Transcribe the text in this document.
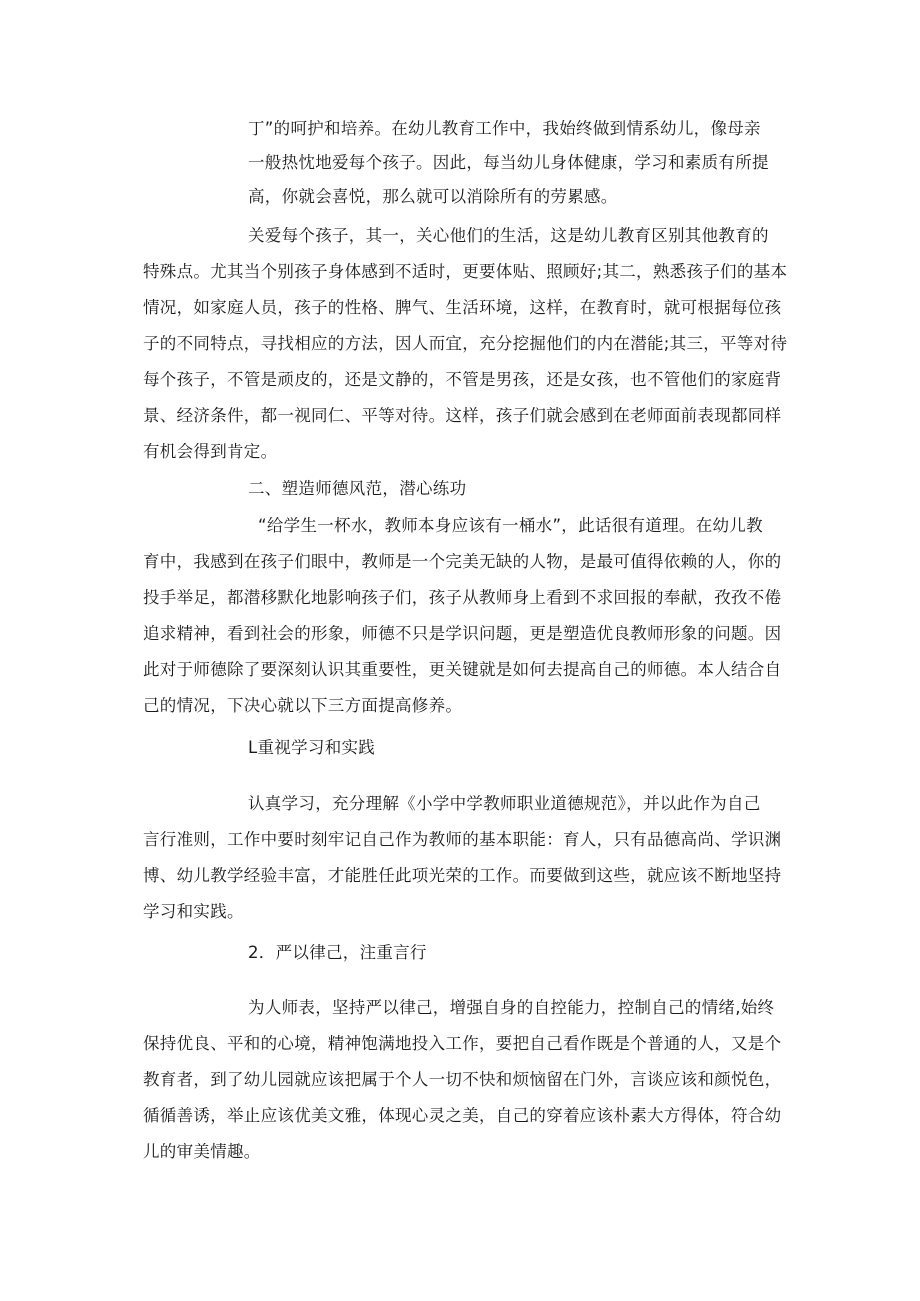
丁”的呵护和培养。在幼儿教育工作中，我始终做到情系幼儿，像母亲
一般热忱地爱每个孩子。因此，每当幼儿身体健康，学习和素质有所提
高，你就会喜悦，那么就可以消除所有的劳累感。
关爱每个孩子，其一，关心他们的生活，这是幼儿教育区别其他教育的
特殊点。尤其当个别孩子身体感到不适时，更要体贴、照顾好;其二，熟悉孩子们的基本
情况，如家庭人员，孩子的性格、脾气、生活环境，这样，在教育时，就可根据每位孩
子的不同特点，寻找相应的方法，因人而宜，充分挖掘他们的内在潜能;其三，平等对待
每个孩子，不管是顽皮的，还是文静的，不管是男孩，还是女孩，也不管他们的家庭背
景、经济条件，都一视同仁、平等对待。这样，孩子们就会感到在老师面前表现都同样
有机会得到肯定。
二、塑造师德风范，潜心练功
“给学生一杯水，教师本身应该有一桶水”，此话很有道理。在幼儿教
育中，我感到在孩子们眼中，教师是一个完美无缺的人物，是最可值得依赖的人，你的
投手举足，都潜移默化地影响孩子们，孩子从教师身上看到不求回报的奉献，孜孜不倦
追求精神，看到社会的形象，师德不只是学识问题，更是塑造优良教师形象的问题。因
此对于师德除了要深刻认识其重要性，更关键就是如何去提高自己的师德。本人结合自
己的情况，下决心就以下三方面提高修养。
L重视学习和实践
认真学习，充分理解《小学中学教师职业道德规范》，并以此作为自己
言行准则，工作中要时刻牢记自己作为教师的基本职能：育人，只有品德高尚、学识渊
博、幼儿教学经验丰富，才能胜任此项光荣的工作。而要做到这些，就应该不断地坚持
学习和实践。
2．严以律己，注重言行
为人师表，坚持严以律己，增强自身的自控能力，控制自己的情绪,始终
保持优良、平和的心境，精神饱满地投入工作，要把自己看作既是个普通的人，又是个
教育者，到了幼儿园就应该把属于个人一切不快和烦恼留在门外，言谈应该和颜悦色，
循循善诱，举止应该优美文雅，体现心灵之美，自己的穿着应该朴素大方得体，符合幼
儿的审美情趣。
